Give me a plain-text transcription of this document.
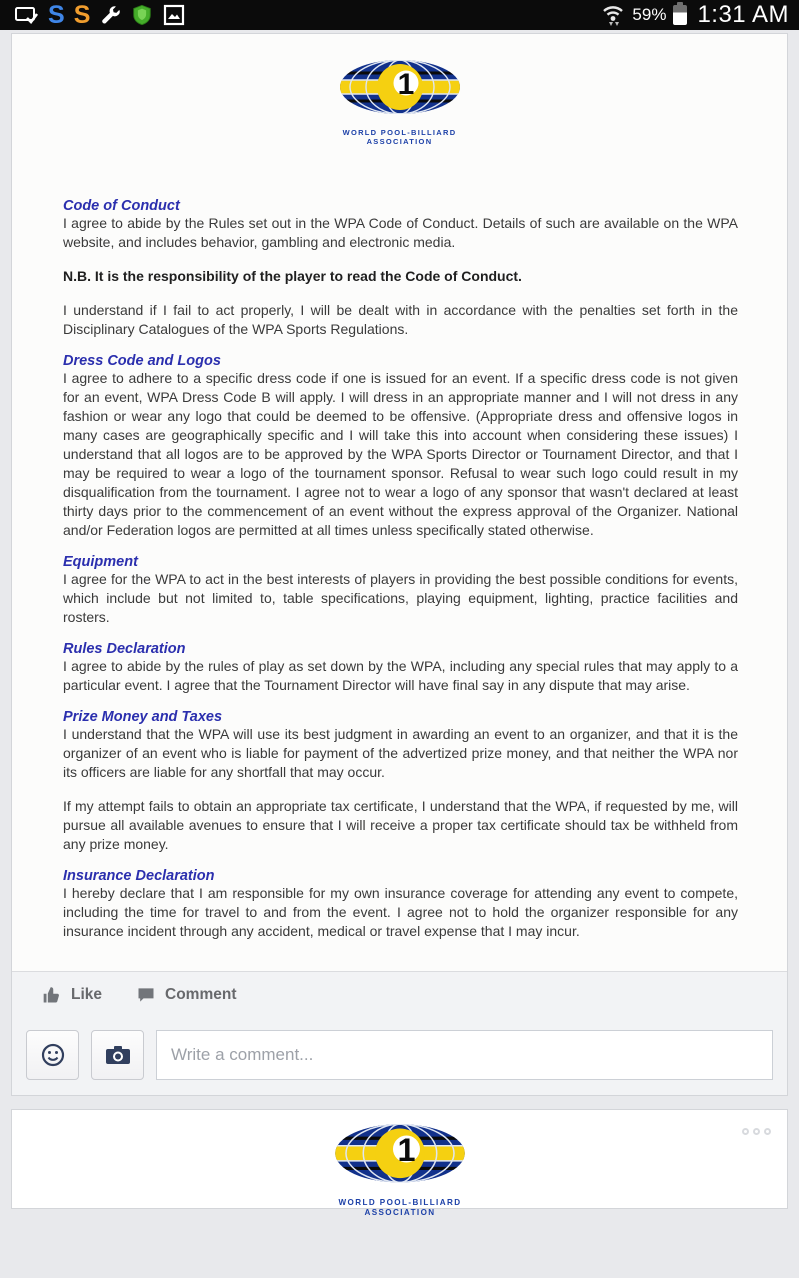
S S	59% 1:31 AM
1
WORLD POOL-BILLIARD
ASSOCIATION
Code of Conduct

I agree to abide by the Rules set out in the WPA Code of Conduct. Details of such are available on the WPA website, and includes behavior, gambling and electronic media.

N.B. It is the responsibility of the player to read the Code of Conduct.

I understand if I fail to act properly, I will be dealt with in accordance with the penalties set forth in the Disciplinary Catalogues of the WPA Sports Regulations.

Dress Code and Logos

I agree to adhere to a specific dress code if one is issued for an event. If a specific dress code is not given for an event, WPA Dress Code B will apply. I will dress in an appropriate manner and I will not dress in any fashion or wear any logo that could be deemed to be offensive. (Appropriate dress and offensive logos in many cases are geographically specific and I will take this into account when considering these issues) I understand that all logos are to be approved by the WPA Sports Director or Tournament Director, and that I may be required to wear a logo of the tournament sponsor. Refusal to wear such logo could result in my disqualification from the tournament. I agree not to wear a logo of any sponsor that wasn't declared at least thirty days prior to the commencement of an event without the express approval of the Organizer. National and/or Federation logos are permitted at all times unless specifically stated otherwise.

Equipment

I agree for the WPA to act in the best interests of players in providing the best possible conditions for events, which include but not limited to, table specifications, playing equipment, lighting, practice facilities and rosters.

Rules Declaration

I agree to abide by the rules of play as set down by the WPA, including any special rules that may apply to a particular event. I agree that the Tournament Director will have final say in any dispute that may arise.

Prize Money and Taxes

I understand that the WPA will use its best judgment in awarding an event to an organizer, and that it is the organizer of an event who is liable for payment of the advertized prize money, and that neither the WPA nor its officers are liable for any shortfall that may occur.

If my attempt fails to obtain an appropriate tax certificate, I understand that the WPA, if requested by me, will pursue all available avenues to ensure that I will receive a proper tax certificate should tax be withheld from any prize money.

Insurance Declaration

I hereby declare that I am responsible for my own insurance coverage for attending any event to compete, including the time for travel to and from the event. I agree not to hold the organizer responsible for any insurance incident through any accident, medical or travel expense that I may incur.

Like	Comment
Write a comment...
1
WORLD POOL-BILLIARD
ASSOCIATION
